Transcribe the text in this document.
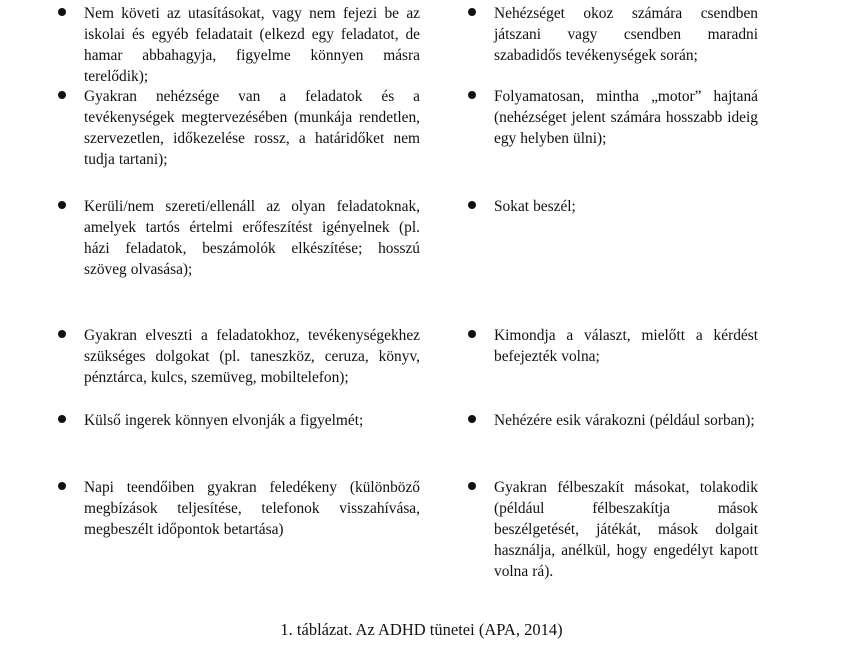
Nem követi az utasításokat, vagy nem fejezi be az iskolai és egyéb feladatait (elkezd egy feladatot, de hamar abbahagyja, figyelme könnyen másra terelődik);
Gyakran nehézsége van a feladatok és a tevékenységek megtervezésében (munkája rendetlen, szervezetlen, időkezelése rossz, a határidőket nem tudja tartani);
Kerüli/nem szereti/ellenáll az olyan feladatoknak, amelyek tartós értelmi erőfeszítést igényelnek (pl. házi feladatok, beszámolók elkészítése; hosszú szöveg olvasása);
Gyakran elveszti a feladatokhoz, tevékenységekhez szükséges dolgokat (pl. taneszköz, ceruza, könyv, pénztárca, kulcs, szemüveg, mobiltelefon);
Külső ingerek könnyen elvonják a figyelmét;
Napi teendőiben gyakran feledékeny (különböző megbízások teljesítése, telefonok visszahívása, megbeszélt időpontok betartása)
Nehézséget okoz számára csendben játszani vagy csendben maradni szabadidős tevékenységek során;
Folyamatosan, mintha „motor” hajtaná (nehézséget jelent számára hosszabb ideig egy helyben ülni);
Sokat beszél;
Kimondja a választ, mielőtt a kérdést befejezték volna;
Nehézére esik várakozni (például sorban);
Gyakran félbeszakít másokat, tolakodik (például félbeszakítja mások beszélgetését, játékát, mások dolgait használja, anélkül, hogy engedélyt kapott volna rá).
1. táblázat. Az ADHD tünetei (APA, 2014)
